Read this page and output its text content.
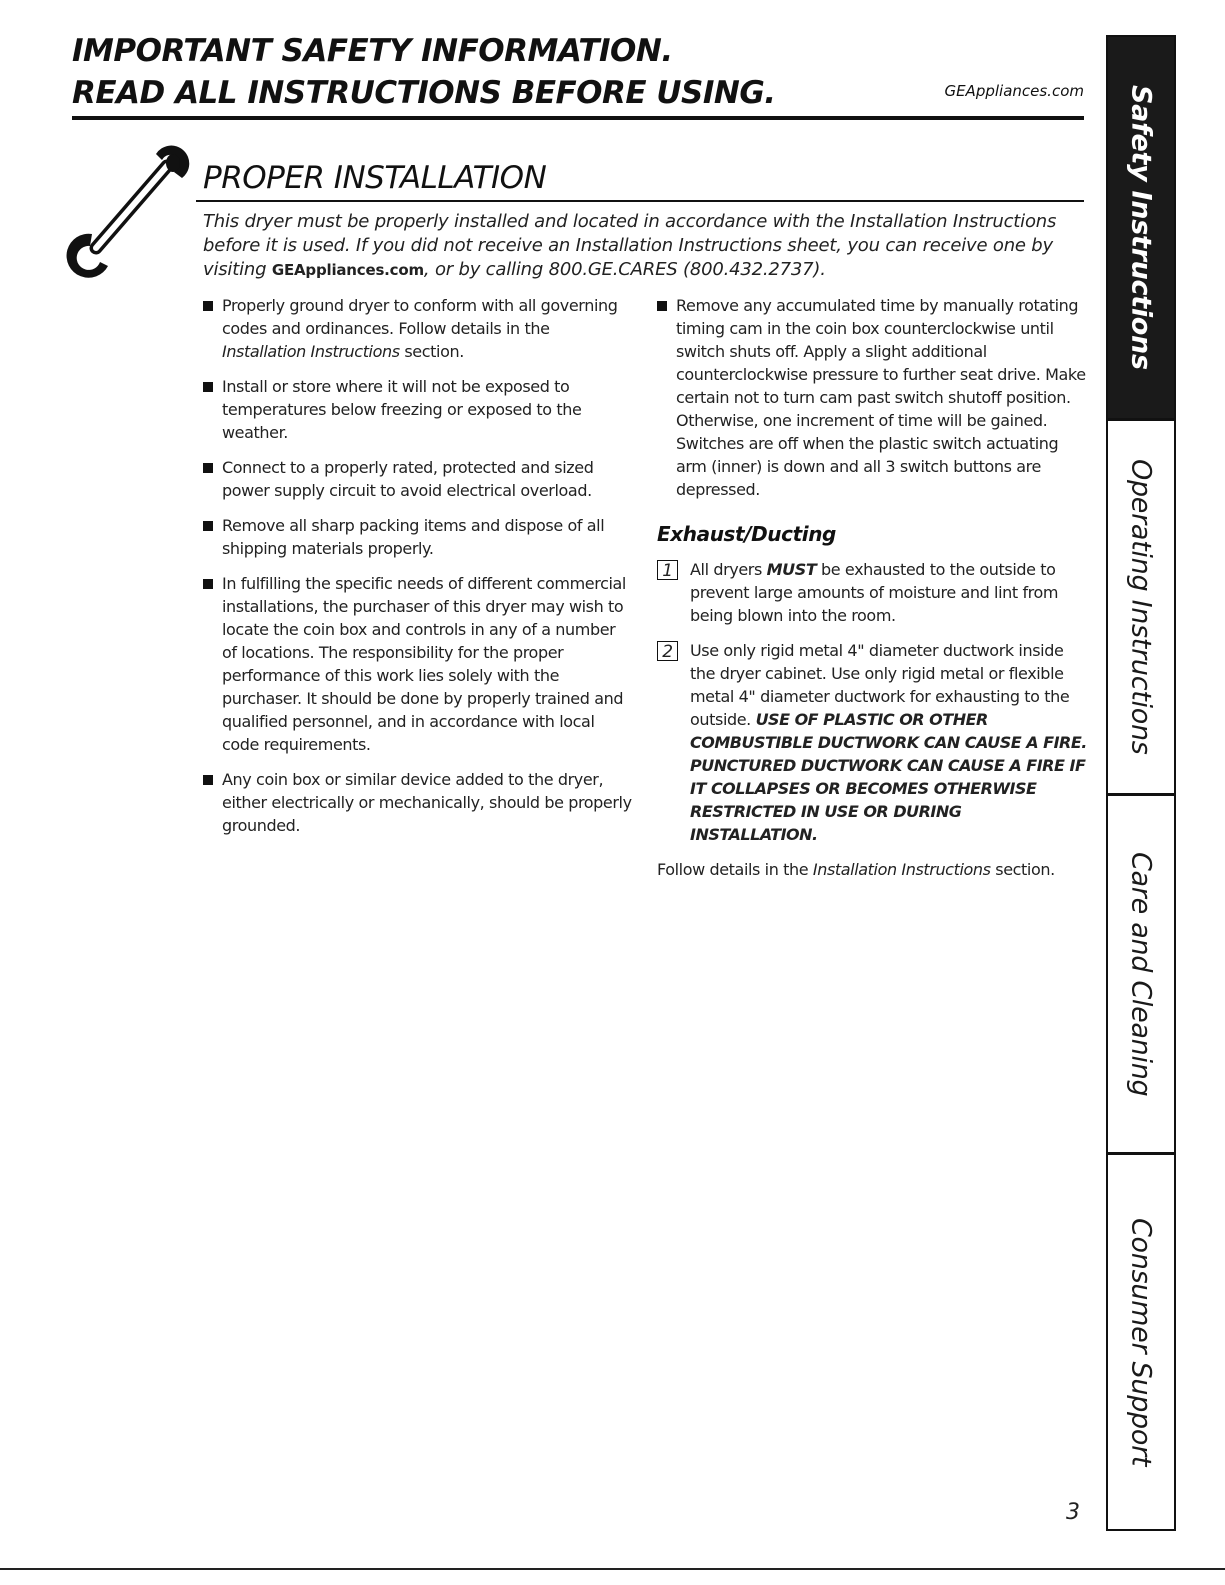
IMPORTANT SAFETY INFORMATION.
READ ALL INSTRUCTIONS BEFORE USING.	GEAppliances.com
PROPER INSTALLATION
This dryer must be properly installed and located in accordance with the Installation Instructions before it is used. If you did not receive an Installation Instructions sheet, you can receive one by visiting GEAppliances.com, or by calling 800.GE.CARES (800.432.2737).
Properly ground dryer to conform with all governing codes and ordinances. Follow details in the Installation Instructions section.
Install or store where it will not be exposed to temperatures below freezing or exposed to the weather.
Connect to a properly rated, protected and sized power supply circuit to avoid electrical overload.
Remove all sharp packing items and dispose of all shipping materials properly.
In fulfilling the specific needs of different commercial installations, the purchaser of this dryer may wish to locate the coin box and controls in any of a number of locations. The responsibility for the proper performance of this work lies solely with the purchaser. It should be done by properly trained and qualified personnel, and in accordance with local code requirements.
Any coin box or similar device added to the dryer, either electrically or mechanically, should be properly grounded.
Remove any accumulated time by manually rotating timing cam in the coin box counterclockwise until switch shuts off. Apply a slight additional counterclockwise pressure to further seat drive. Make certain not to turn cam past switch shutoff position. Otherwise, one increment of time will be gained. Switches are off when the plastic switch actuating arm (inner) is down and all 3 switch buttons are depressed.
Exhaust/Ducting
1	All dryers MUST be exhausted to the outside to prevent large amounts of moisture and lint from being blown into the room.
2	Use only rigid metal 4" diameter ductwork inside the dryer cabinet. Use only rigid metal or flexible metal 4" diameter ductwork for exhausting to the outside. USE OF PLASTIC OR OTHER COMBUSTIBLE DUCTWORK CAN CAUSE A FIRE. PUNCTURED DUCTWORK CAN CAUSE A FIRE IF IT COLLAPSES OR BECOMES OTHERWISE RESTRICTED IN USE OR DURING INSTALLATION.
Follow details in the Installation Instructions section.
Safety Instructions
Operating Instructions
Care and Cleaning
Consumer Support
3
